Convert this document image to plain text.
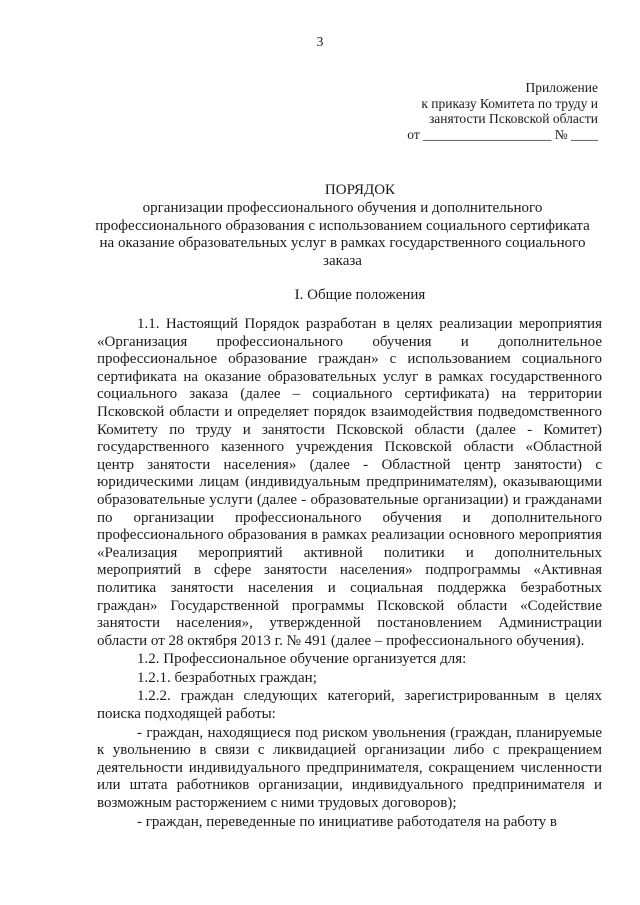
3
Приложение
к приказу Комитета по труду и
занятости Псковской области
от ___________________ № ____
ПОРЯДОК
организации профессионального обучения и дополнительного профессионального образования с использованием социального сертификата на оказание образовательных услуг в рамках государственного социального заказа
I. Общие положения

1.1. Настоящий Порядок разработан в целях реализации мероприятия «Организация профессионального обучения и дополнительное профессиональное образование граждан» с использованием социального сертификата на оказание образовательных услуг в рамках государственного социального заказа (далее – социального сертификата) на территории Псковской области и определяет порядок взаимодействия подведомственного Комитету по труду и занятости Псковской области (далее - Комитет) государственного казенного учреждения Псковской области «Областной центр занятости населения» (далее - Областной центр занятости) с юридическими лицам (индивидуальным предпринимателям), оказывающими образовательные услуги (далее - образовательные организации) и гражданами по организации профессионального обучения и дополнительного профессионального образования в рамках реализации основного мероприятия «Реализация мероприятий активной политики и дополнительных мероприятий в сфере занятости населения» подпрограммы «Активная политика занятости населения и социальная поддержка безработных граждан» Государственной программы Псковской области «Содействие занятости населения», утвержденной постановлением Администрации области от 28 октября 2013 г. № 491 (далее – профессионального обучения).

1.2. Профессиональное обучение организуется для:

1.2.1. безработных граждан;

1.2.2. граждан следующих категорий, зарегистрированным в целях поиска подходящей работы:

- граждан, находящиеся под риском увольнения (граждан, планируемые к увольнению в связи с ликвидацией организации либо с прекращением деятельности индивидуального предпринимателя, сокращением численности или штата работников организации, индивидуального предпринимателя и возможным расторжением с ними трудовых договоров);

- граждан, переведенные по инициативе работодателя на работу в
